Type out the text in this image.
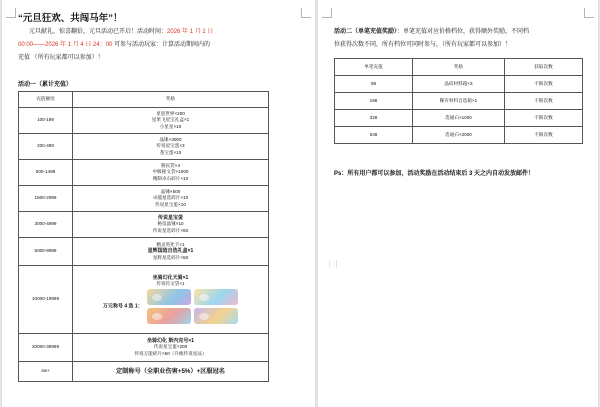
“元旦狂欢、共闯马年”！
元旦献礼，惊喜翻倍，元旦活动已开启！活动时间：2026 年 1 月 1 日
00:00——2026 年 1 月 4 日 24：00 可参与活动玩家：计算活动期间内的
充值 （所有玩家都可以参加）！
活动一（累计充值）
充值额度	奖励
100-199	星思世界×200
星果飞星宝礼盒×1
小星星×10

200-499	晶锤×3000
传说星宝蛋×3
苍宝蛋×10

500-1499	移民袋×4
中级秘文袋×1000
精制卓石碎片×10

1500-2999	晶锤×500
卓越星选碎片×10
传说星宝蛋×10

3000-4999	传说星宝蛋
秘技晶锤×10
传说星选碎片×50

5000-9999	精灵进化卡×1
星辉国造自选礼盒×1
星辉星选碎片×50

10000-19999	坐骑幻化天骑×1
传说符文袋×1
万元称号 4 选 1：

20000-39999	坐骑幻化 斯内克号×1
传说星宝蛋×200
传说万能碎片×50（升级传说星品）

4w+	定制称号（全职业伤害+5%）+区服冠名
活动二（单笔充值奖励）：单笔充值对应价格档位，获得额外奖励，不同档
位获得次数不同，所有档位可同时参与，（所有玩家都可以参加）！
单笔充值	奖励	获取次数
98	晶砖材料箱×3	不限次数
198	稀有材料自选箱×1	不限次数
328	选通石×1000	不限次数
648	选通石×2000	不限次数
Ps：所有用户都可以参加，活动奖励在活动结束后 3 天之内自动发放邮件！
⋮⋮
